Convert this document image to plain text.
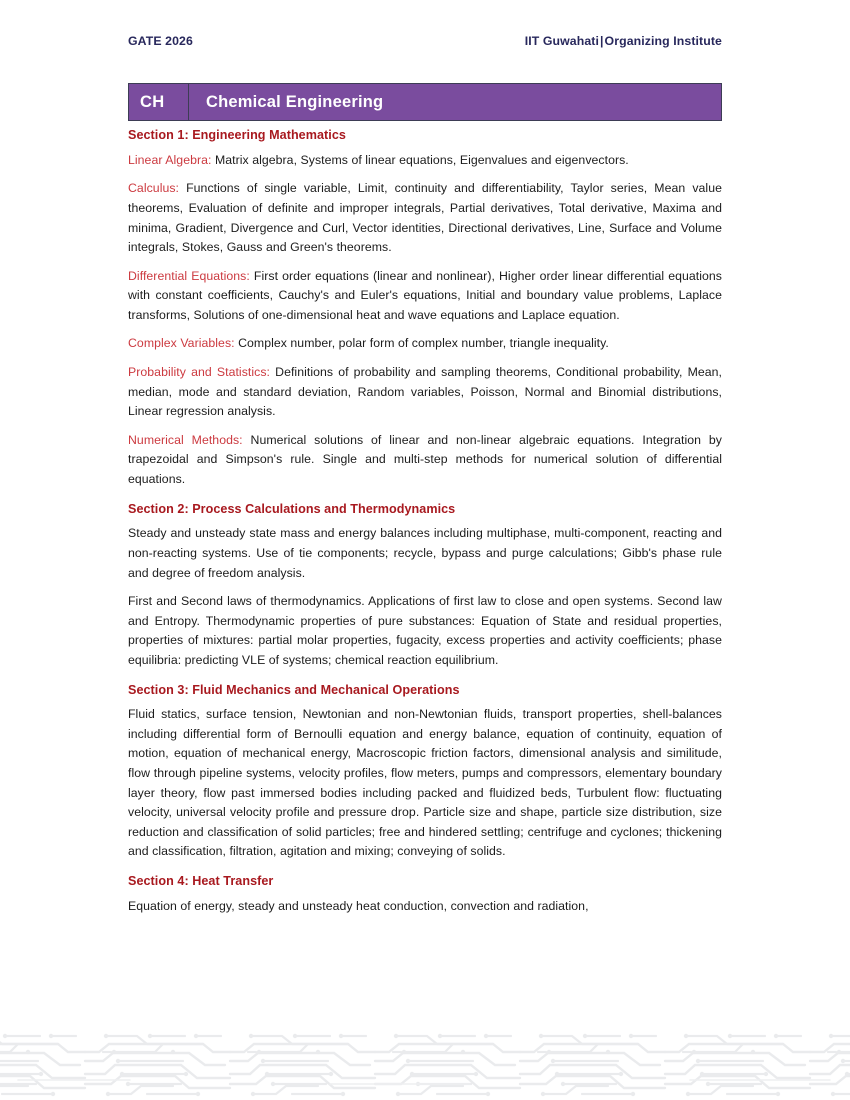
GATE 2026	IIT Guwahati|Organizing Institute
CH	Chemical Engineering
Section 1: Engineering Mathematics

Linear Algebra: Matrix algebra, Systems of linear equations, Eigenvalues and eigenvectors.

Calculus: Functions of single variable, Limit, continuity and differentiability, Taylor series, Mean value theorems, Evaluation of definite and improper integrals, Partial derivatives, Total derivative, Maxima and minima, Gradient, Divergence and Curl, Vector identities, Directional derivatives, Line, Surface and Volume integrals, Stokes, Gauss and Green's theorems.

Differential Equations: First order equations (linear and nonlinear), Higher order linear differential equations with constant coefficients, Cauchy's and Euler's equations, Initial and boundary value problems, Laplace transforms, Solutions of one-dimensional heat and wave equations and Laplace equation.

Complex Variables: Complex number, polar form of complex number, triangle inequality.

Probability and Statistics: Definitions of probability and sampling theorems, Conditional probability, Mean, median, mode and standard deviation, Random variables, Poisson, Normal and Binomial distributions, Linear regression analysis.

Numerical Methods: Numerical solutions of linear and non-linear algebraic equations. Integration by trapezoidal and Simpson's rule. Single and multi-step methods for numerical solution of differential equations.

Section 2: Process Calculations and Thermodynamics

Steady and unsteady state mass and energy balances including multiphase, multi-component, reacting and non-reacting systems. Use of tie components; recycle, bypass and purge calculations; Gibb's phase rule and degree of freedom analysis.

First and Second laws of thermodynamics. Applications of first law to close and open systems. Second law and Entropy. Thermodynamic properties of pure substances: Equation of State and residual properties, properties of mixtures: partial molar properties, fugacity, excess properties and activity coefficients; phase equilibria: predicting VLE of systems; chemical reaction equilibrium.

Section 3: Fluid Mechanics and Mechanical Operations

Fluid statics, surface tension, Newtonian and non-Newtonian fluids, transport properties, shell-balances including differential form of Bernoulli equation and energy balance, equation of continuity, equation of motion, equation of mechanical energy, Macroscopic friction factors, dimensional analysis and similitude, flow through pipeline systems, velocity profiles, flow meters, pumps and compressors, elementary boundary layer theory, flow past immersed bodies including packed and fluidized beds, Turbulent flow: fluctuating velocity, universal velocity profile and pressure drop. Particle size and shape, particle size distribution, size reduction and classification of solid particles; free and hindered settling; centrifuge and cyclones; thickening and classification, filtration, agitation and mixing; conveying of solids.

Section 4: Heat Transfer

Equation of energy, steady and unsteady heat conduction, convection and radiation,
